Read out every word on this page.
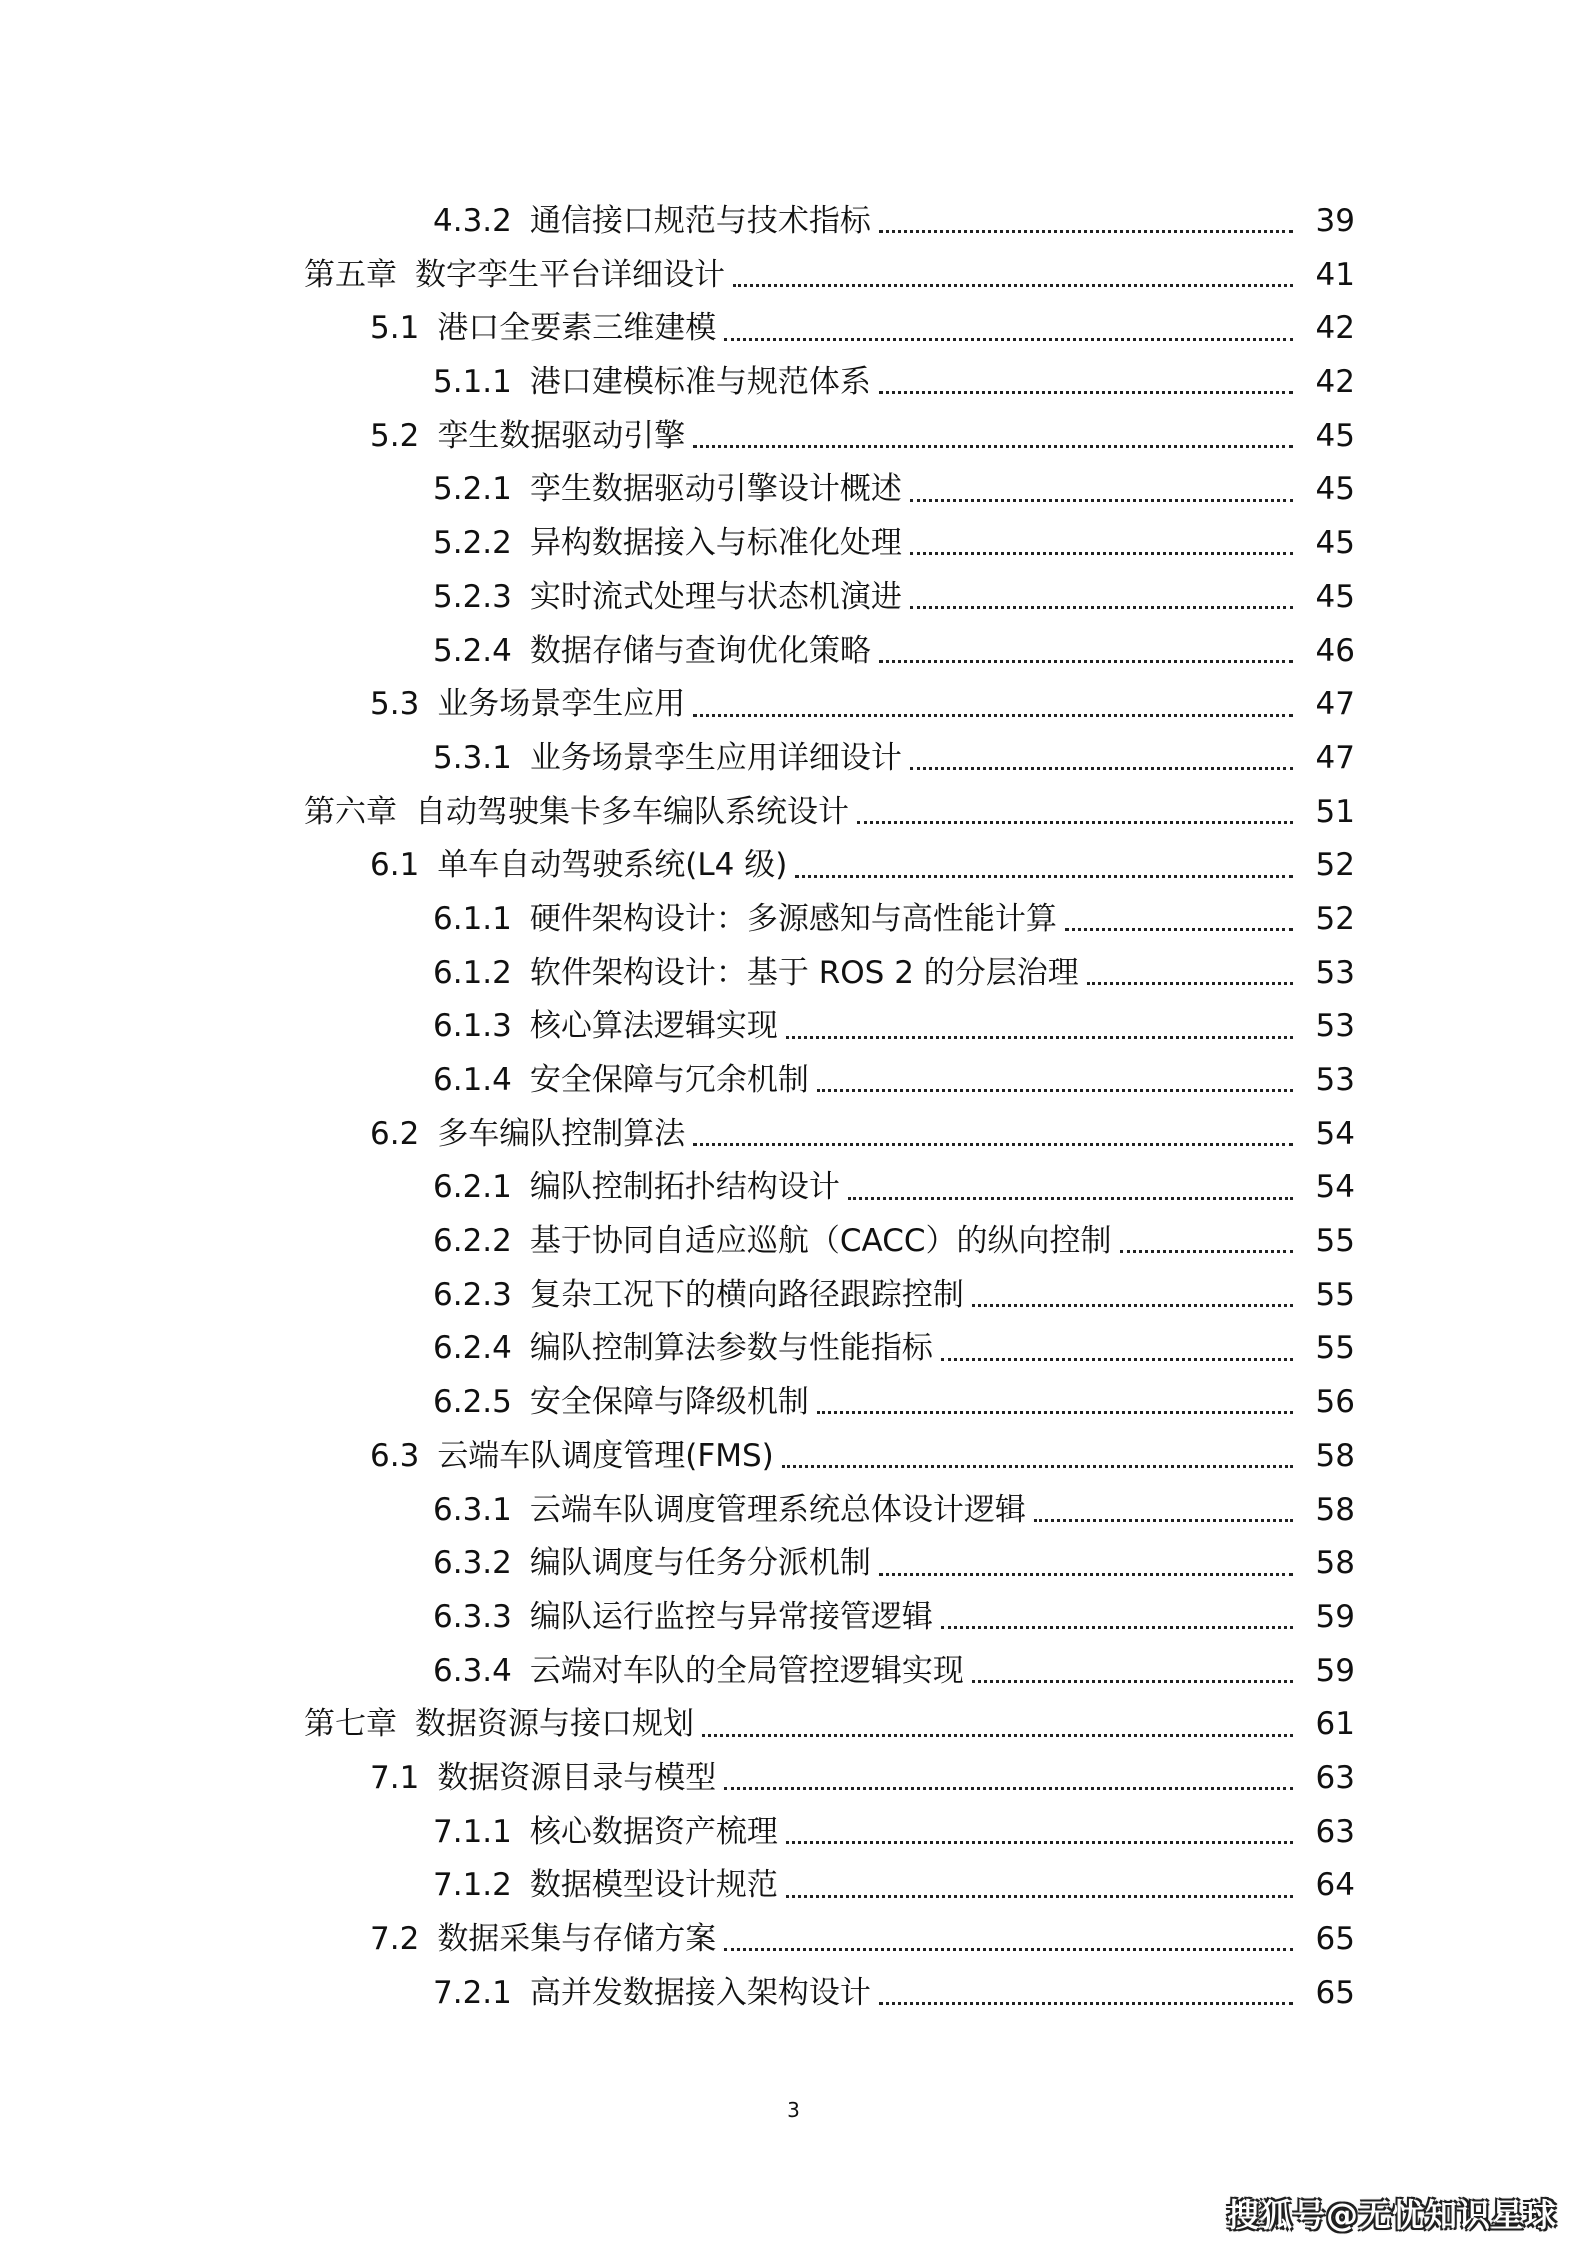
4.3.2 通信接口规范与技术指标	39
第五章 数字孪生平台详细设计	41
5.1 港口全要素三维建模	42
5.1.1 港口建模标准与规范体系	42
5.2 孪生数据驱动引擎	45
5.2.1 孪生数据驱动引擎设计概述	45
5.2.2 异构数据接入与标准化处理	45
5.2.3 实时流式处理与状态机演进	45
5.2.4 数据存储与查询优化策略	46
5.3 业务场景孪生应用	47
5.3.1 业务场景孪生应用详细设计	47
第六章 自动驾驶集卡多车编队系统设计	51
6.1 单车自动驾驶系统(L4 级)	52
6.1.1 硬件架构设计：多源感知与高性能计算	52
6.1.2 软件架构设计：基于 ROS 2 的分层治理	53
6.1.3 核心算法逻辑实现	53
6.1.4 安全保障与冗余机制	53
6.2 多车编队控制算法	54
6.2.1 编队控制拓扑结构设计	54
6.2.2 基于协同自适应巡航（CACC）的纵向控制	55
6.2.3 复杂工况下的横向路径跟踪控制	55
6.2.4 编队控制算法参数与性能指标	55
6.2.5 安全保障与降级机制	56
6.3 云端车队调度管理(FMS)	58
6.3.1 云端车队调度管理系统总体设计逻辑	58
6.3.2 编队调度与任务分派机制	58
6.3.3 编队运行监控与异常接管逻辑	59
6.3.4 云端对车队的全局管控逻辑实现	59
第七章 数据资源与接口规划	61
7.1 数据资源目录与模型	63
7.1.1 核心数据资产梳理	63
7.1.2 数据模型设计规范	64
7.2 数据采集与存储方案	65
7.2.1 高并发数据接入架构设计	65
3
搜狐号@无忧知识星球
